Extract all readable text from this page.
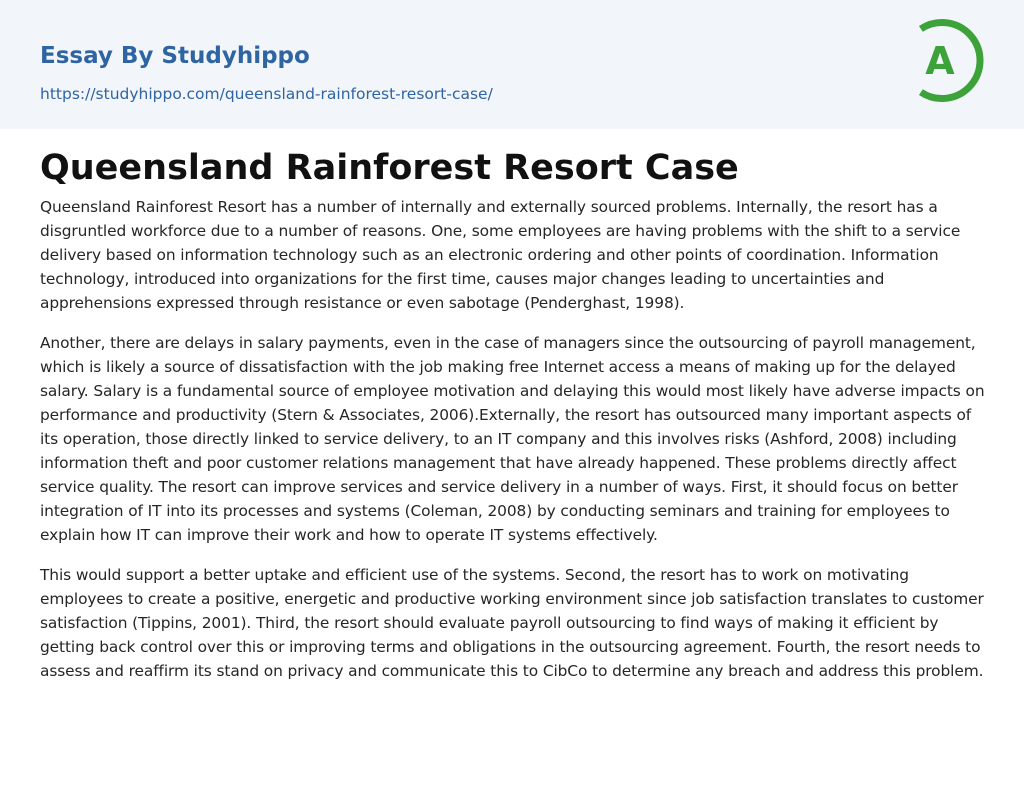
Essay By Studyhippo
https://studyhippo.com/queensland-rainforest-resort-case/
A
Queensland Rainforest Resort Case

Queensland Rainforest Resort has a number of internally and externally sourced problems. Internally, the resort has a disgruntled workforce due to a number of reasons. One, some employees are having problems with the shift to a service delivery based on information technology such as an electronic ordering and other points of coordination. Information technology, introduced into organizations for the first time, causes major changes leading to uncertainties and apprehensions expressed through resistance or even sabotage (Penderghast, 1998).

Another, there are delays in salary payments, even in the case of managers since the outsourcing of payroll management, which is likely a source of dissatisfaction with the job making free Internet access a means of making up for the delayed salary. Salary is a fundamental source of employee motivation and delaying this would most likely have adverse impacts on performance and productivity (Stern & Associates, 2006).Externally, the resort has outsourced many important aspects of its operation, those directly linked to service delivery, to an IT company and this involves risks (Ashford, 2008) including information theft and poor customer relations management that have already happened. These problems directly affect service quality. The resort can improve services and service delivery in a number of ways. First, it should focus on better integration of IT into its processes and systems (Coleman, 2008) by conducting seminars and training for employees to explain how IT can improve their work and how to operate IT systems effectively.

This would support a better uptake and efficient use of the systems. Second, the resort has to work on motivating employees to create a positive, energetic and productive working environment since job satisfaction translates to customer satisfaction (Tippins, 2001). Third, the resort should evaluate payroll outsourcing to find ways of making it efficient by getting back control over this or improving terms and obligations in the outsourcing agreement. Fourth, the resort needs to assess and reaffirm its stand on privacy and communicate this to CibCo to determine any breach and address this problem.
